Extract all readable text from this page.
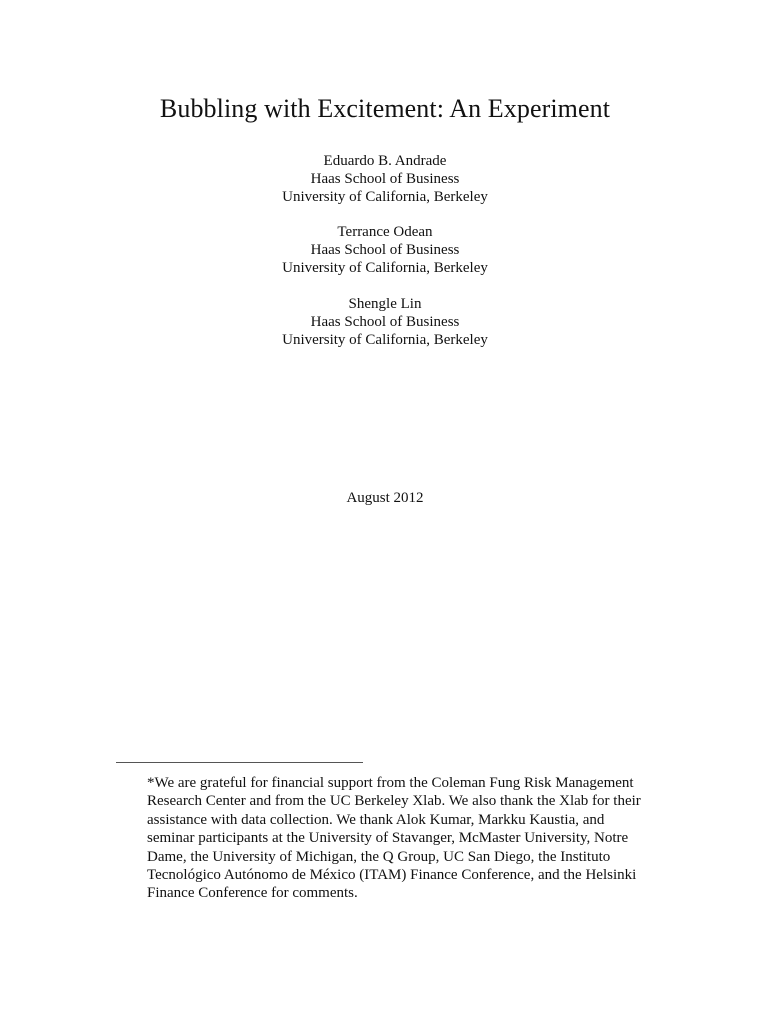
Bubbling with Excitement: An Experiment
Eduardo B. Andrade
Haas School of Business
University of California, Berkeley
Terrance Odean
Haas School of Business
University of California, Berkeley
Shengle Lin
Haas School of Business
University of California, Berkeley
August 2012
*We are grateful for financial support from the Coleman Fung Risk Management
Research Center and from the UC Berkeley Xlab. We also thank the Xlab for their
assistance with data collection. We thank Alok Kumar, Markku Kaustia, and
seminar participants at the University of Stavanger, McMaster University, Notre
Dame, the University of Michigan, the Q Group, UC San Diego, the Instituto
Tecnológico Autónomo de México (ITAM) Finance Conference, and the Helsinki
Finance Conference for comments.
